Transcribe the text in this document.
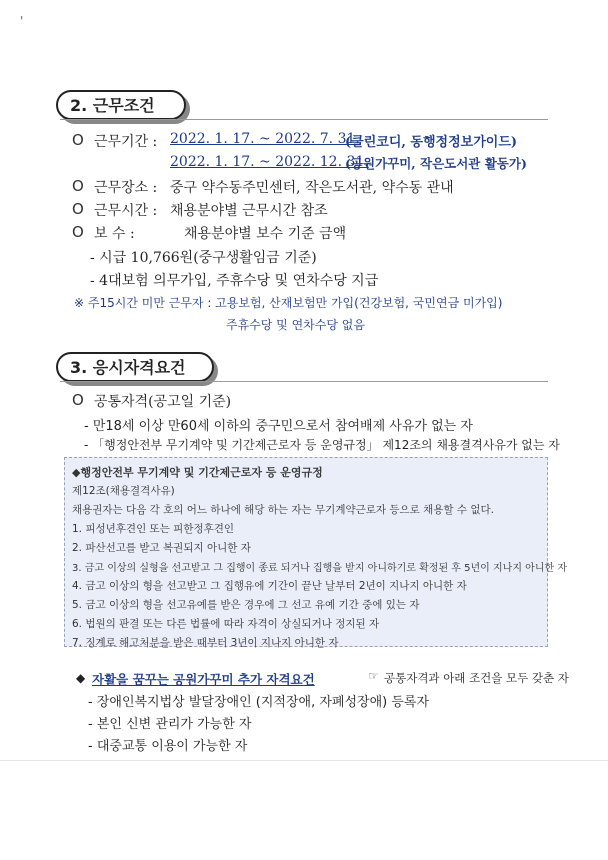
'
2. 근무조건
O 근무기간 : 2022. 1. 17. ~ 2022. 7. 31.
(클린코디, 동행정정보가이드)
2022. 1. 17. ~ 2022. 12. 31.
(공원가꾸미, 작은도서관 활동가)
O 근무장소 : 중구 약수동주민센터, 작은도서관, 약수동 관내
O 근무시간 : 채용분야별 근무시간 참조
O 보 수 :	채용분야별 보수 기준 금액
- 시급 10,766원(중구생활임금 기준)
- 4대보험 의무가입, 주휴수당 및 연차수당 지급
※ 주15시간 미만 근무자 : 고용보험, 산재보험만 가입(건강보험, 국민연금 미가입)
주휴수당 및 연차수당 없음
3. 응시자격요건
O 공통자격(공고일 기준)
- 만18세 이상 만60세 이하의 중구민으로서 참여배제 사유가 없는 자
- 「행정안전부 무기계약 및 기간제근로자 등 운영규정」 제12조의 채용결격사유가 없는 자
◆행정안전부 무기계약 및 기간제근로자 등 운영규정
제12조(채용결격사유)
채용권자는 다음 각 호의 어느 하나에 해당 하는 자는 무기계약근로자 등으로 채용할 수 없다.
1. 피성년후견인 또는 피한정후견인
2. 파산선고를 받고 복권되지 아니한 자
3. 금고 이상의 실형을 선고받고 그 집행이 종료 되거나 집행을 받지 아니하기로 확정된 후 5년이 지나지 아니한 자
4. 금고 이상의 형을 선고받고 그 집행유에 기간이 끝난 날부터 2년이 지나지 아니한 자
5. 금고 이상의 형을 선고유예를 받은 경우에 그 선고 유예 기간 중에 있는 자
6. 법원의 판결 또는 다른 법률에 따라 자격이 상실되거나 정지된 자
7. 징계로 해고처분을 받은 때부터 3년이 지나지 아니한 자
◆ 자활을 꿈꾸는 공원가꾸미 추가 자격요건	☞ 공통자격과 아래 조건을 모두 갖춘 자
- 장애인복지법상 발달장애인 (지적장애, 자폐성장애) 등록자
- 본인 신변 관리가 가능한 자
- 대중교통 이용이 가능한 자
